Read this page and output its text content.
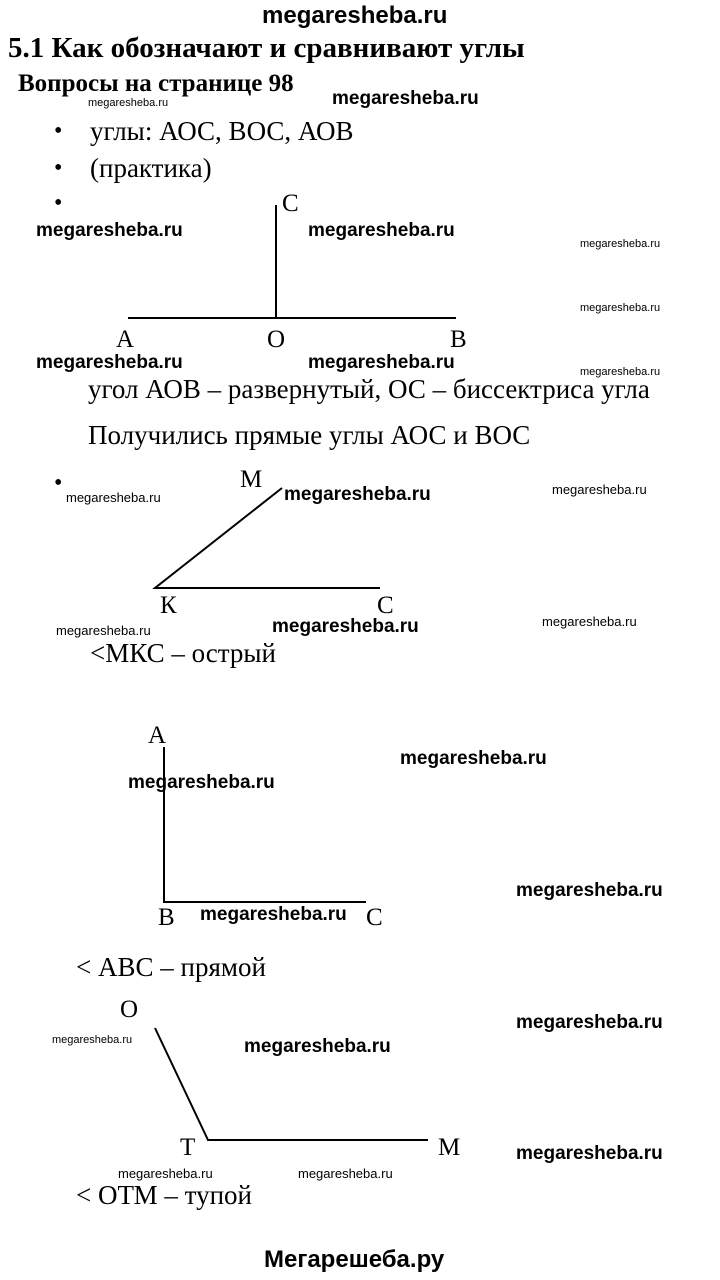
megaresheba.ru
5.1 Как обозначают и сравнивают углы
Вопросы на странице 98
• углы: АОС, ВОС, АОВ
• (практика)
•	C
A	O	B
угол АОВ – развернутый, ОС – биссектриса угла
Получились прямые углы АОС и ВОС
•	M
К	C
<МКС – острый
A
B	C
< АВС – прямой
O
T	M
< ОТМ – тупой
megaresheba.ru	megaresheba.ru
megaresheba.ru	megaresheba.ru
megaresheba.ru
megaresheba.ru
megaresheba.ru	megaresheba.ru	megaresheba.ru
megaresheba.ru	megaresheba.ru	megaresheba.ru
megaresheba.ru	megaresheba.ru	megaresheba.ru
megaresheba.ru
megaresheba.ru
megaresheba.ru
megaresheba.ru
megaresheba.ru
megaresheba.ru	megaresheba.ru
megaresheba.ru
megaresheba.ru	megaresheba.ru
Мегарешеба.ру
